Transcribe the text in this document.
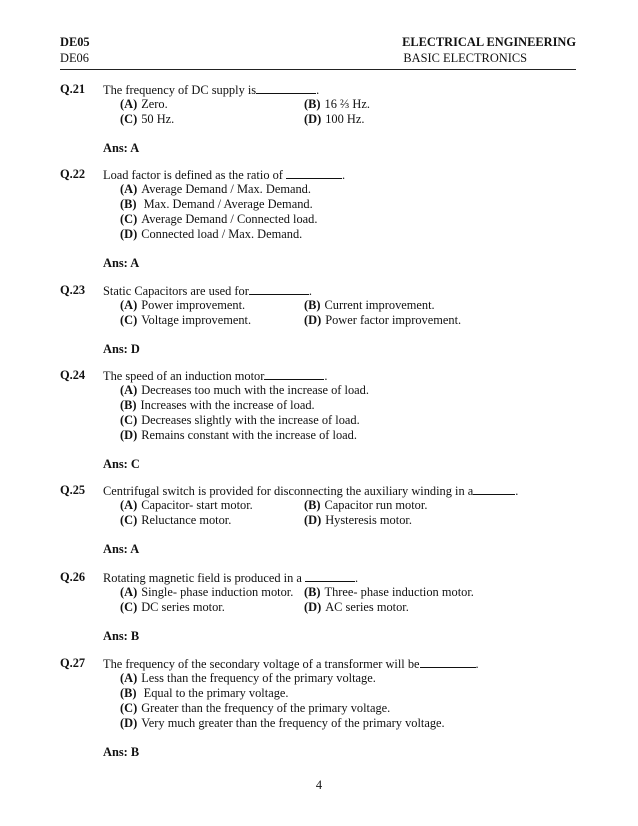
DE05	ELECTRICAL ENGINEERING
DE06	BASIC ELECTRONICS
Q.21 The frequency of DC supply is	.
(A) Zero.	(B) 16 ⅔ Hz.
(C) 50 Hz.	(D) 100 Hz.
Ans: A
Q.22 Load factor is defined as the ratio of	.
(A) Average Demand / Max. Demand.
(B) Max. Demand / Average Demand.
(C) Average Demand / Connected load.
(D) Connected load / Max. Demand.
Ans: A
Q.23 Static Capacitors are used for	.
(A) Power improvement.	(B) Current improvement.
(C) Voltage improvement.	(D) Power factor improvement.
Ans: D
Q.24 The speed of an induction motor	.
(A) Decreases too much with the increase of load.
(B) Increases with the increase of load.
(C) Decreases slightly with the increase of load.
(D) Remains constant with the increase of load.
Ans: C
Q.25 Centrifugal switch is provided for disconnecting the auxiliary winding in a	.
(A) Capacitor- start motor.	(B) Capacitor run motor.
(C) Reluctance motor.	(D) Hysteresis motor.
Ans: A
Q.26 Rotating magnetic field is produced in a	.
(A) Single- phase induction motor. (B) Three- phase induction motor.
(C) DC series motor.	(D) AC series motor.
Ans: B
Q.27 The frequency of the secondary voltage of a transformer will be	.
(A) Less than the frequency of the primary voltage.
(B) Equal to the primary voltage.
(C) Greater than the frequency of the primary voltage.
(D) Very much greater than the frequency of the primary voltage.
Ans: B
4
